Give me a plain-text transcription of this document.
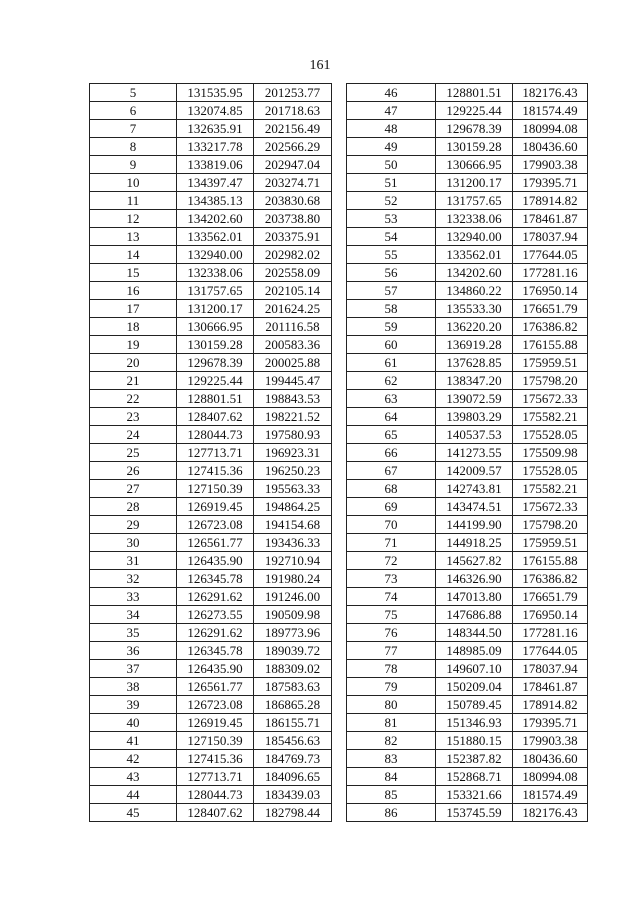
161
5	131535.95	201253.77
6	132074.85	201718.63
7	132635.91	202156.49
8	133217.78	202566.29
9	133819.06	202947.04
10	134397.47	203274.71
11	134385.13	203830.68
12	134202.60	203738.80
13	133562.01	203375.91
14	132940.00	202982.02
15	132338.06	202558.09
16	131757.65	202105.14
17	131200.17	201624.25
18	130666.95	201116.58
19	130159.28	200583.36
20	129678.39	200025.88
21	129225.44	199445.47
22	128801.51	198843.53
23	128407.62	198221.52
24	128044.73	197580.93
25	127713.71	196923.31
26	127415.36	196250.23
27	127150.39	195563.33
28	126919.45	194864.25
29	126723.08	194154.68
30	126561.77	193436.33
31	126435.90	192710.94
32	126345.78	191980.24
33	126291.62	191246.00
34	126273.55	190509.98
35	126291.62	189773.96
36	126345.78	189039.72
37	126435.90	188309.02
38	126561.77	187583.63
39	126723.08	186865.28
40	126919.45	186155.71
41	127150.39	185456.63
42	127415.36	184769.73
43	127713.71	184096.65
44	128044.73	183439.03
45	128407.62	182798.44
46	128801.51	182176.43
47	129225.44	181574.49
48	129678.39	180994.08
49	130159.28	180436.60
50	130666.95	179903.38
51	131200.17	179395.71
52	131757.65	178914.82
53	132338.06	178461.87
54	132940.00	178037.94
55	133562.01	177644.05
56	134202.60	177281.16
57	134860.22	176950.14
58	135533.30	176651.79
59	136220.20	176386.82
60	136919.28	176155.88
61	137628.85	175959.51
62	138347.20	175798.20
63	139072.59	175672.33
64	139803.29	175582.21
65	140537.53	175528.05
66	141273.55	175509.98
67	142009.57	175528.05
68	142743.81	175582.21
69	143474.51	175672.33
70	144199.90	175798.20
71	144918.25	175959.51
72	145627.82	176155.88
73	146326.90	176386.82
74	147013.80	176651.79
75	147686.88	176950.14
76	148344.50	177281.16
77	148985.09	177644.05
78	149607.10	178037.94
79	150209.04	178461.87
80	150789.45	178914.82
81	151346.93	179395.71
82	151880.15	179903.38
83	152387.82	180436.60
84	152868.71	180994.08
85	153321.66	181574.49
86	153745.59	182176.43
